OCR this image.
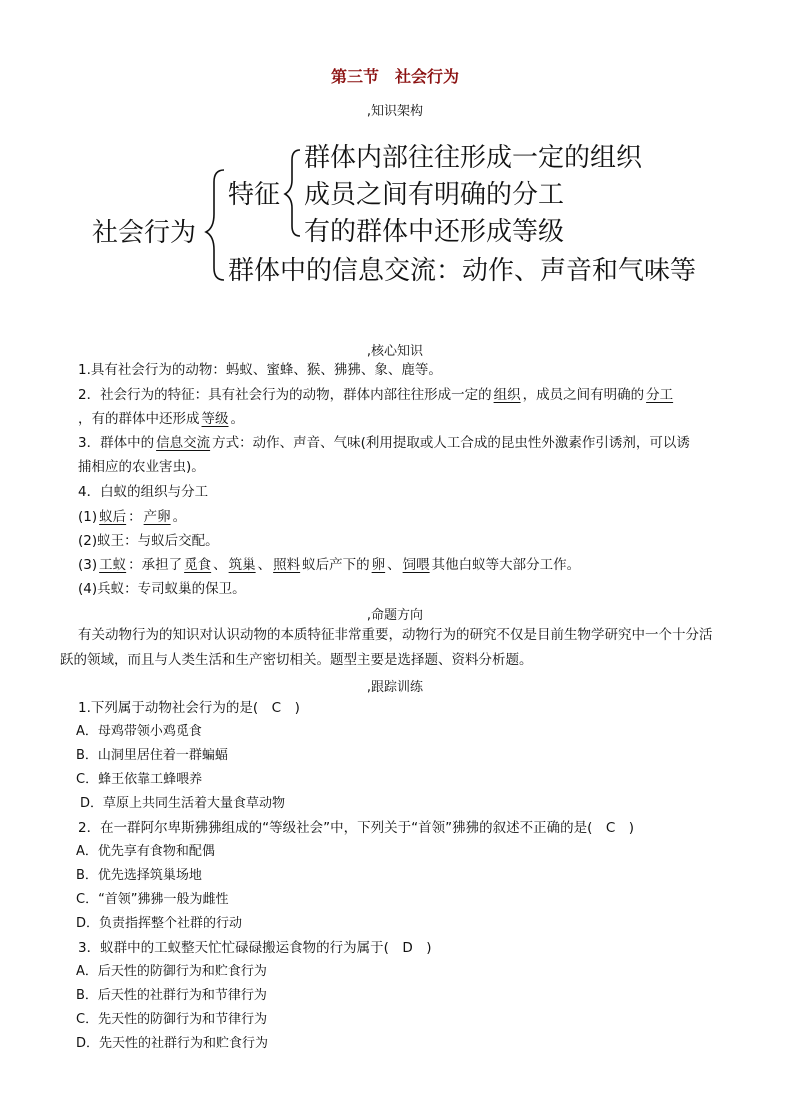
第三节　社会行为
,知识架构
社会行为
特征
群体内部往往形成一定的组织
成员之间有明确的分工
有的群体中还形成等级
群体中的信息交流：动作、声音和气味等
,核心知识
1.具有社会行为的动物：蚂蚁、蜜蜂、猴、狒狒、象、鹿等。
2．社会行为的特征：具有社会行为的动物，群体内部往往形成一定的 组织 ，成员之间有明确的 分工
，有的群体中还形成 等级 。
3．群体中的 信息交流 方式：动作、声音、气味(利用提取或人工合成的昆虫性外激素作引诱剂，可以诱
捕相应的农业害虫)。
4．白蚁的组织与分工
(1) 蚁后 ： 产卵 。
(2)蚁王：与蚁后交配。
(3) 工蚁 ：承担了 觅食 、 筑巢 、 照料 蚁后产下的 卵 、 饲喂 其他白蚁等大部分工作。
(4)兵蚁：专司蚁巢的保卫。
,命题方向
有关动物行为的知识对认识动物的本质特征非常重要，动物行为的研究不仅是目前生物学研究中一个十分活
跃的领域，而且与人类生活和生产密切相关。题型主要是选择题、资料分析题。
,跟踪训练
1.下列属于动物社会行为的是(　C　)
A．母鸡带领小鸡觅食
B．山洞里居住着一群蝙蝠
C．蜂王依靠工蜂喂养
D．草原上共同生活着大量食草动物
2．在一群阿尔卑斯狒狒组成的“等级社会”中，下列关于“首领”狒狒的叙述不正确的是(　C　)
A．优先享有食物和配偶
B．优先选择筑巢场地
C．“首领”狒狒一般为雌性
D．负责指挥整个社群的行动
3．蚁群中的工蚁整天忙忙碌碌搬运食物的行为属于(　D　)
A．后天性的防御行为和贮食行为
B．后天性的社群行为和节律行为
C．先天性的防御行为和节律行为
D．先天性的社群行为和贮食行为
